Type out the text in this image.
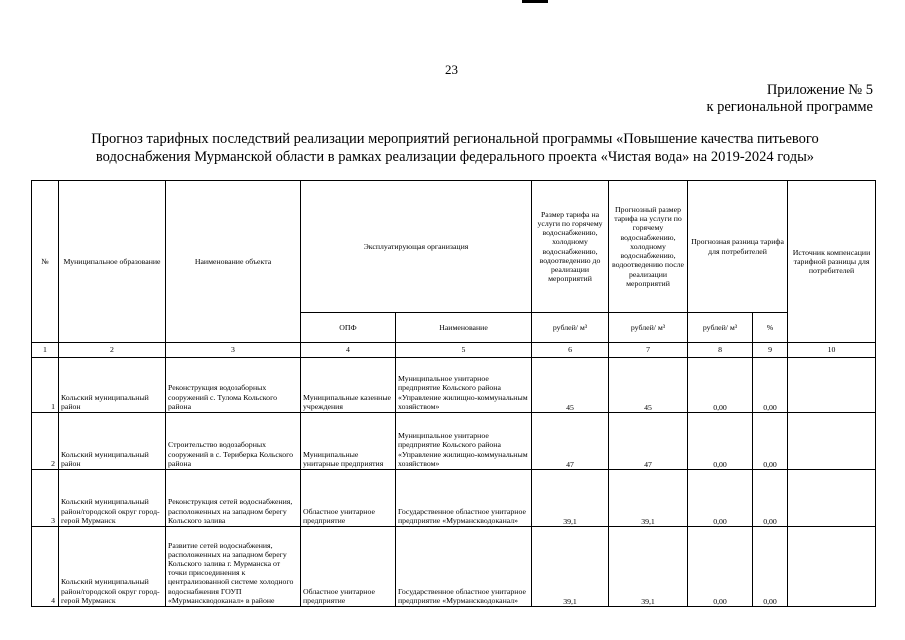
23
Приложение № 5
к региональной программе
Прогноз тарифных последствий реализации мероприятий региональной программы «Повышение качества питьевого
водоснабжения Мурманской области в рамках реализации федерального проекта «Чистая вода» на 2019-2024 годы»
№	Муниципальное образование	Наименование объекта	Эксплуатирующая организация		Размер тарифа на услуги по горячему водоснабжению, холодному водоснабжению, водоотведению до реализации мероприятий	Прогнозный размер тарифа на услуги по горячему водоснабжению, холодному водоснабжению, водоотведению после реализации мероприятий	Прогнозная разница тарифа для потребителей		Источник компенсации тарифной разницы для потребителей
			ОПФ	Наименование	рублей/ м³	рублей/ м³	рублей/ м³	%	
1	2	3	4	5	6	7	8	9	10
1	Кольский муниципальный район	Реконструкция водозаборных сооружений с. Тулома Кольского района	Муниципальные казенные учреждения	Муниципальное унитарное предприятие Кольского района «Управление жилищно-коммунальным хозяйством»	45	45	0,00	0,00	
2	Кольский муниципальный район	Строительство водозаборных сооружений в с. Териберка Кольского района	Муниципальные унитарные предприятия	Муниципальное унитарное предприятие Кольского района «Управление жилищно-коммунальным хозяйством»	47	47	0,00	0,00	
3	Кольский муниципальный район/городской округ город-герой Мурманск	Реконструкция сетей водоснабжения, расположенных на западном берегу Кольского залива	Областное унитарное предприятие	Государственное областное унитарное предприятие «Мурманскводоканал»	39,1	39,1	0,00	0,00	
4	Кольский муниципальный район/городской округ город-герой Мурманск	Развитие сетей водоснабжения, расположенных на западном берегу Кольского залива г. Мурманска от точки присоединения к централизованной системе холодного водоснабжения ГОУП «Мурманскводоканал» в районе	Областное унитарное предприятие	Государственное областное унитарное предприятие «Мурманскводоканал»	39,1	39,1	0,00	0,00	
